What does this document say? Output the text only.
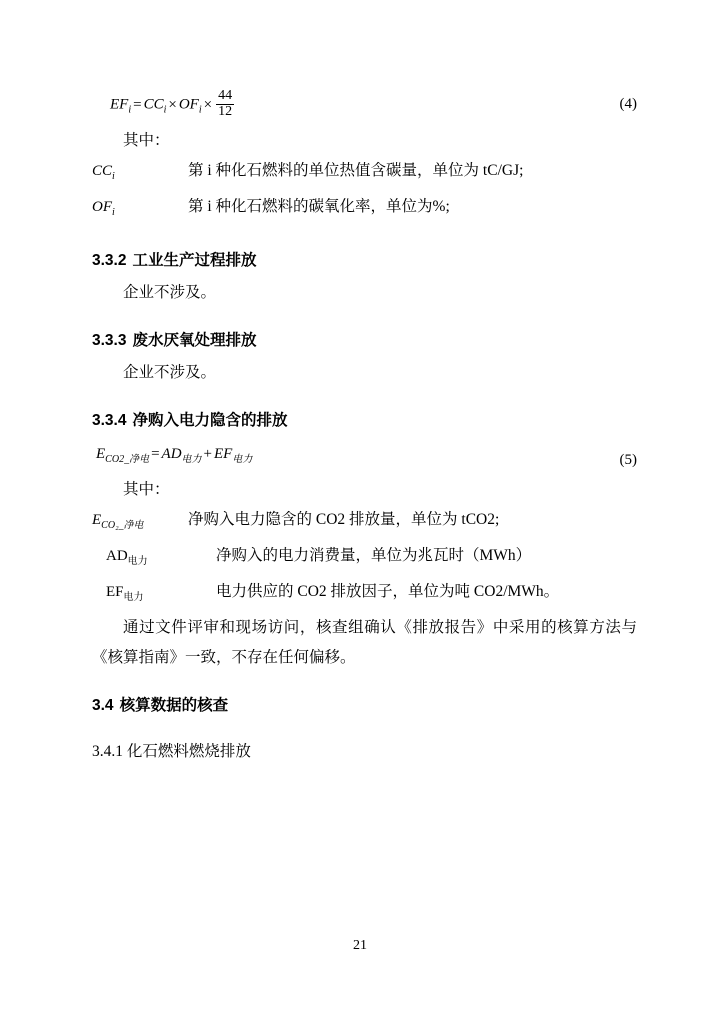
$EF_i = CC_i \times OF_i \times \frac{44}{12}$	(4)

其中：

$CC_i$	第 i 种化石燃料的单位热值含碳量，单位为 tC/GJ;
$OF_i$	第 i 种化石燃料的碳氧化率，单位为%;
3.3.2 工业生产过程排放

企业不涉及。

3.3.3 废水厌氧处理排放

企业不涉及。

3.3.4 净购入电力隐含的排放
$E_{CO2\_净电} = AD_{电力} + EF_{电力}$	(5)

其中：

$E_{CO_2\_净电}$	净购入电力隐含的 CO2 排放量，单位为 tCO2;
$AD_{电力}$	净购入的电力消费量，单位为兆瓦时（MWh）
$EF_{电力}$	电力供应的 CO2 排放因子，单位为吨 CO2/MWh。

通过文件评审和现场访问，核查组确认《排放报告》中采用的核算方法与《核算指南》一致，不存在任何偏移。

3.4 核算数据的核查
3.4.1 化石燃料燃烧排放
21
